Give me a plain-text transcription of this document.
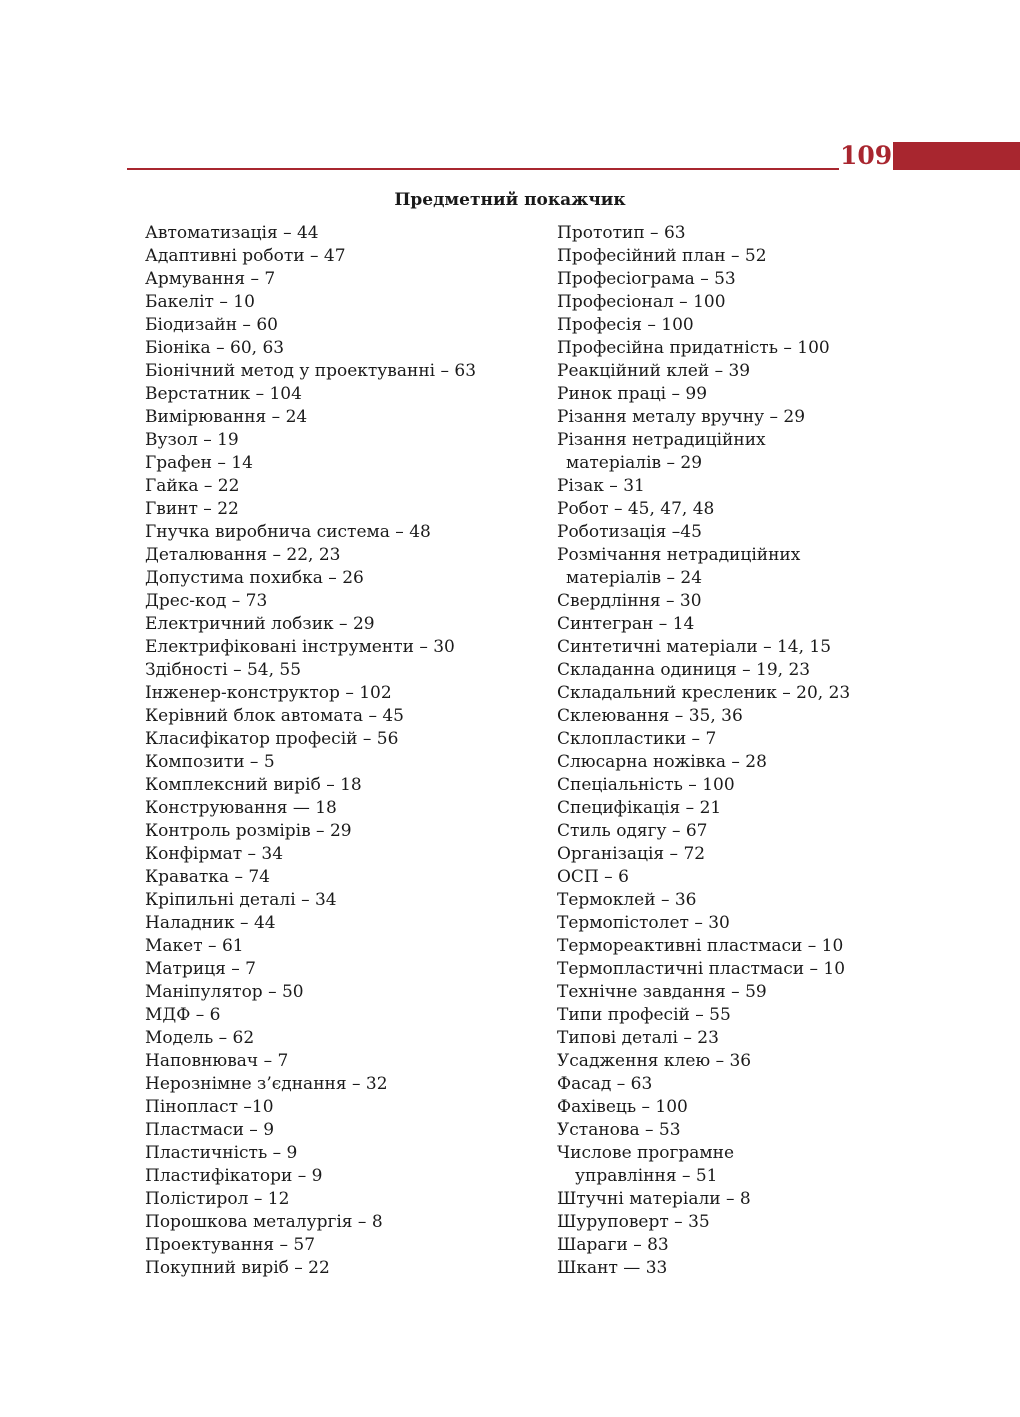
109
Предметний покажчик
Автоматизація – 44
Адаптивні роботи – 47
Армування – 7
Бакеліт – 10
Біодизайн – 60
Біоніка – 60, 63
Біонічний метод у проектуванні – 63
Верстатник – 104
Вимірювання – 24
Вузол – 19
Графен – 14
Гайка – 22
Гвинт – 22
Гнучка виробнича система – 48
Деталювання – 22, 23
Допустима похибка – 26
Дрес-код – 73
Електричний лобзик – 29
Електрифіковані інструменти – 30
Здібності – 54, 55
Інженер-конструктор – 102
Керівний блок автомата – 45
Класифікатор професій – 56
Композити – 5
Комплексний виріб – 18
Конструювання — 18
Контроль розмірів – 29
Конфірмат – 34
Краватка – 74
Кріпильні деталі – 34
Наладник – 44
Макет – 61
Матриця – 7
Маніпулятор – 50
МДФ – 6
Модель – 62
Наповнювач – 7
Нерознімне з’єднання – 32
Пінопласт –10
Пластмаси – 9
Пластичність – 9
Пластифікатори – 9
Полістирол – 12
Порошкова металургія – 8
Проектування – 57
Покупний виріб – 22
Прототип – 63
Професійний план – 52
Професіограма – 53
Професіонал – 100
Професія – 100
Професійна придатність – 100
Реакційний клей – 39
Ринок праці – 99
Різання металу вручну – 29
Різання нетрадиційних
матеріалів – 29
Різак – 31
Робот – 45, 47, 48
Роботизація –45
Розмічання нетрадиційних
матеріалів – 24
Свердління – 30
Синтегран – 14
Синтетичні матеріали – 14, 15
Складанна одиниця – 19, 23
Складальний кресленик – 20, 23
Склеювання – 35, 36
Склопластики – 7
Слюсарна ножівка – 28
Спеціальність – 100
Специфікація – 21
Стиль одягу – 67
Організація – 72
ОСП – 6
Термоклей – 36
Термопістолет – 30
Термореактивні пластмаси – 10
Термопластичні пластмаси – 10
Технічне завдання – 59
Типи професій – 55
Типові деталі – 23
Усадження клею – 36
Фасад – 63
Фахівець – 100
Установа – 53
Числове програмне
управління – 51
Штучні матеріали – 8
Шуруповерт – 35
Шараги – 83
Шкант — 33
